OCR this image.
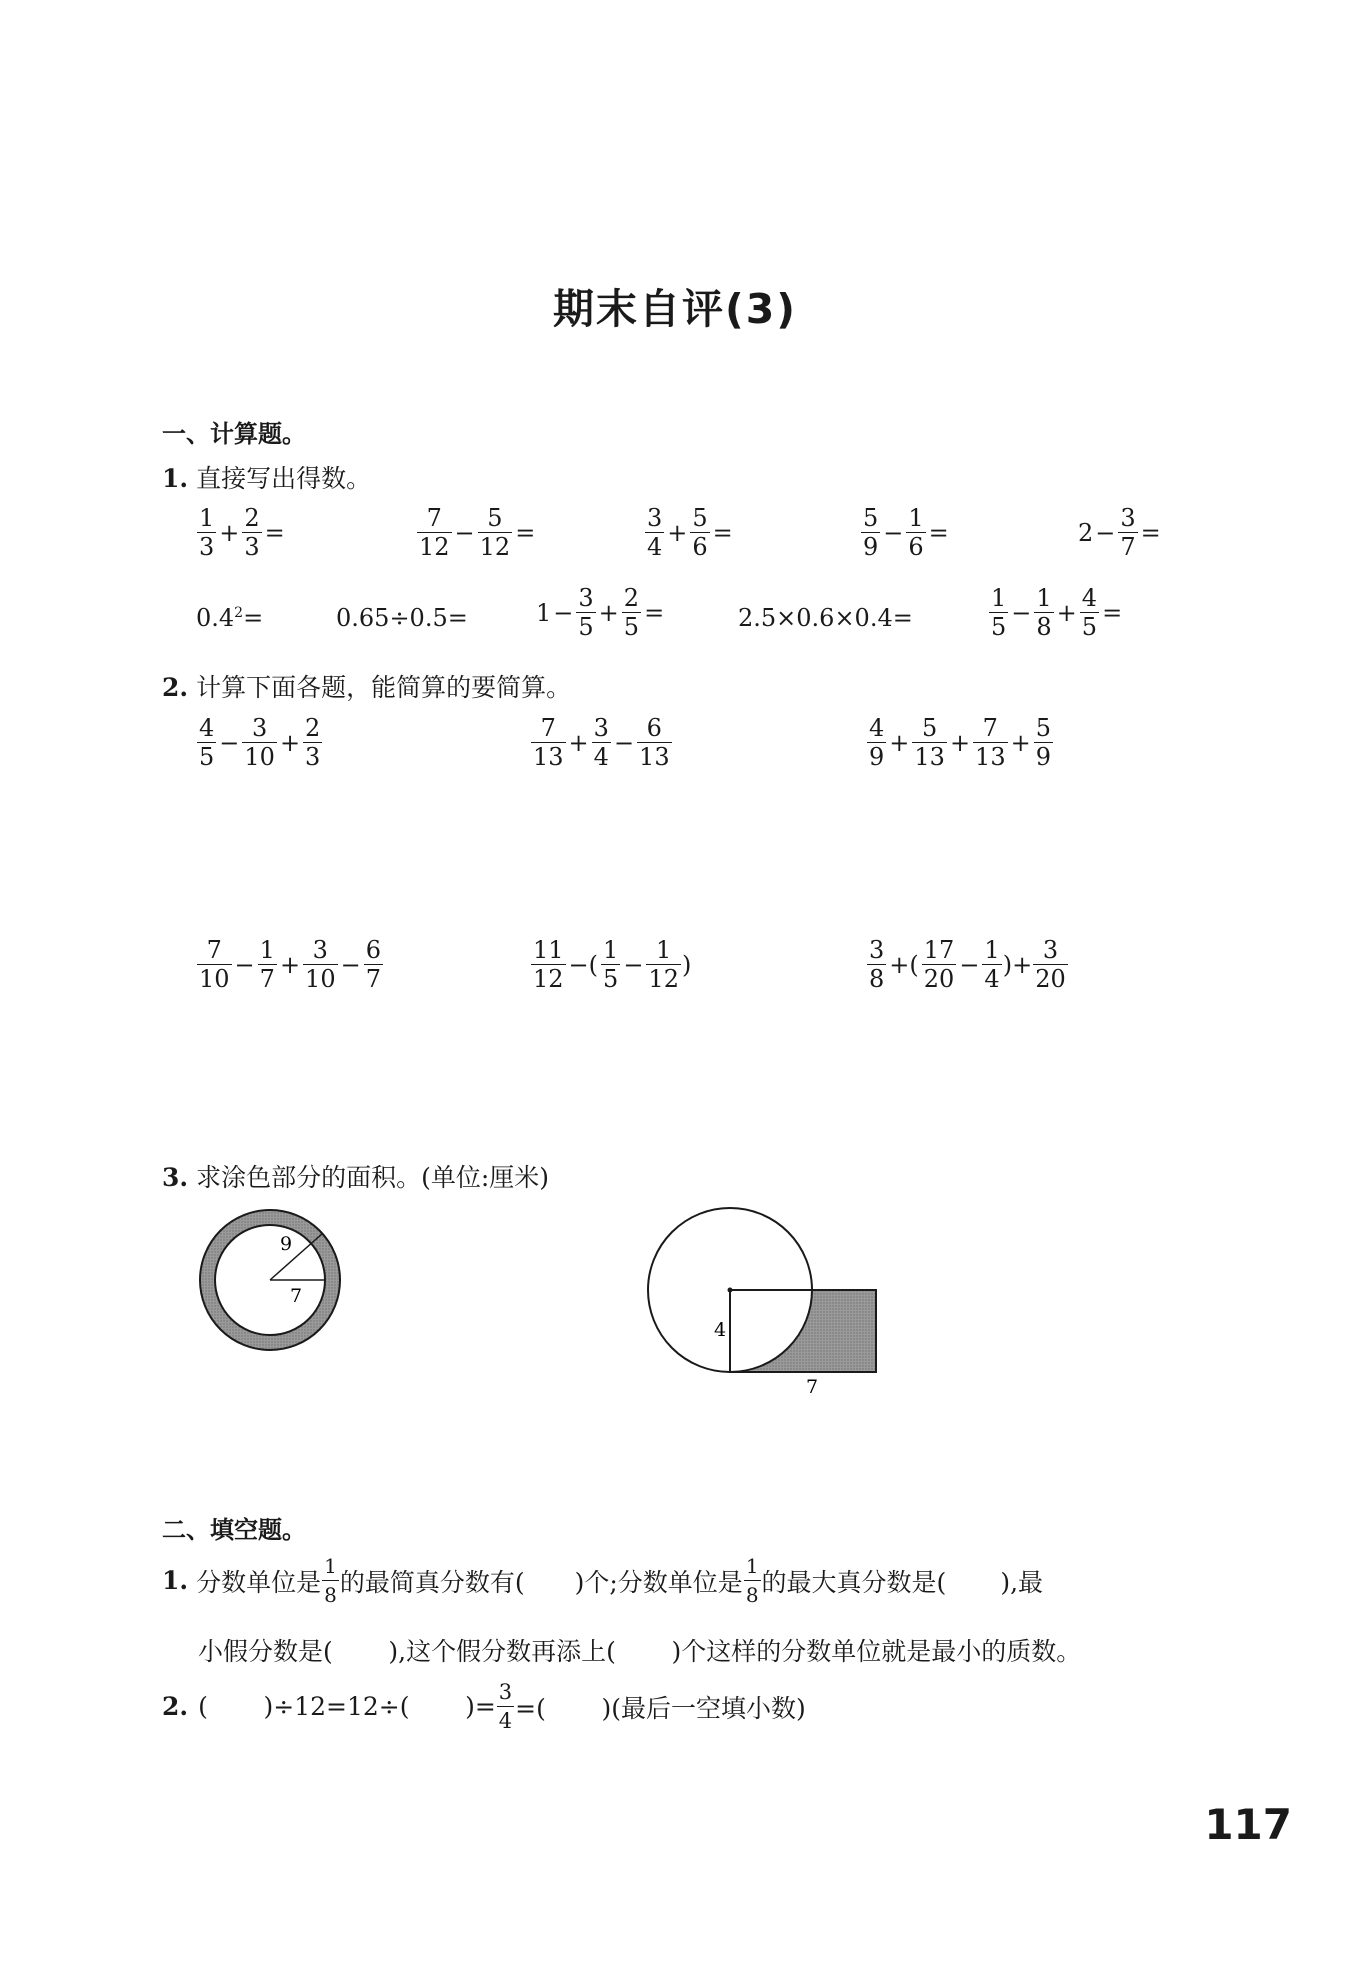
期末自评(3)
一、计算题。
1. 直接写出得数。
$\frac{1}{3} + \frac{2}{3}$ =	$\frac{7}{12} - \frac{5}{12}$ =	$\frac{3}{4} + \frac{5}{6}$ =	$\frac{5}{9} - \frac{1}{6}$ =	$2 - \frac{3}{7}$ =
$0.4^2=$	0.65÷0.5=	$1 - \frac{3}{5} + \frac{2}{5}$ =	2.5×0.6×0.4=	$\frac{1}{5} - \frac{1}{8} + \frac{4}{5}$ =
2. 计算下面各题，能简算的要简算。
$\frac{4}{5} - \frac{3}{10} + \frac{2}{3}$	$\frac{7}{13} + \frac{3}{4} - \frac{6}{13}$	$\frac{4}{9} + \frac{5}{13} + \frac{7}{13} + \frac{5}{9}$
$\frac{7}{10} - \frac{1}{7} + \frac{3}{10} - \frac{6}{7}$	$\frac{11}{12}$ −( $\frac{1}{5} - \frac{1}{12}$ )	$\frac{3}{8}$ +( $\frac{17}{20} - \frac{1}{4}$ )+ $\frac{3}{20}$
3. 求涂色部分的面积。(单位:厘米)
9
7
4
7
二、填空题。
1. 分数单位是 $\frac{1}{8}$ 的最简真分数有( )个;分数单位是 $\frac{1}{8}$ 的最大真分数是( ),最
小假分数是(       ),这个假分数再添上(       )个这样的分数单位就是最小的质数。
2. (       )÷12=12÷(       )= $\frac{3}{4}$ =(       )(最后一空填小数)
117
